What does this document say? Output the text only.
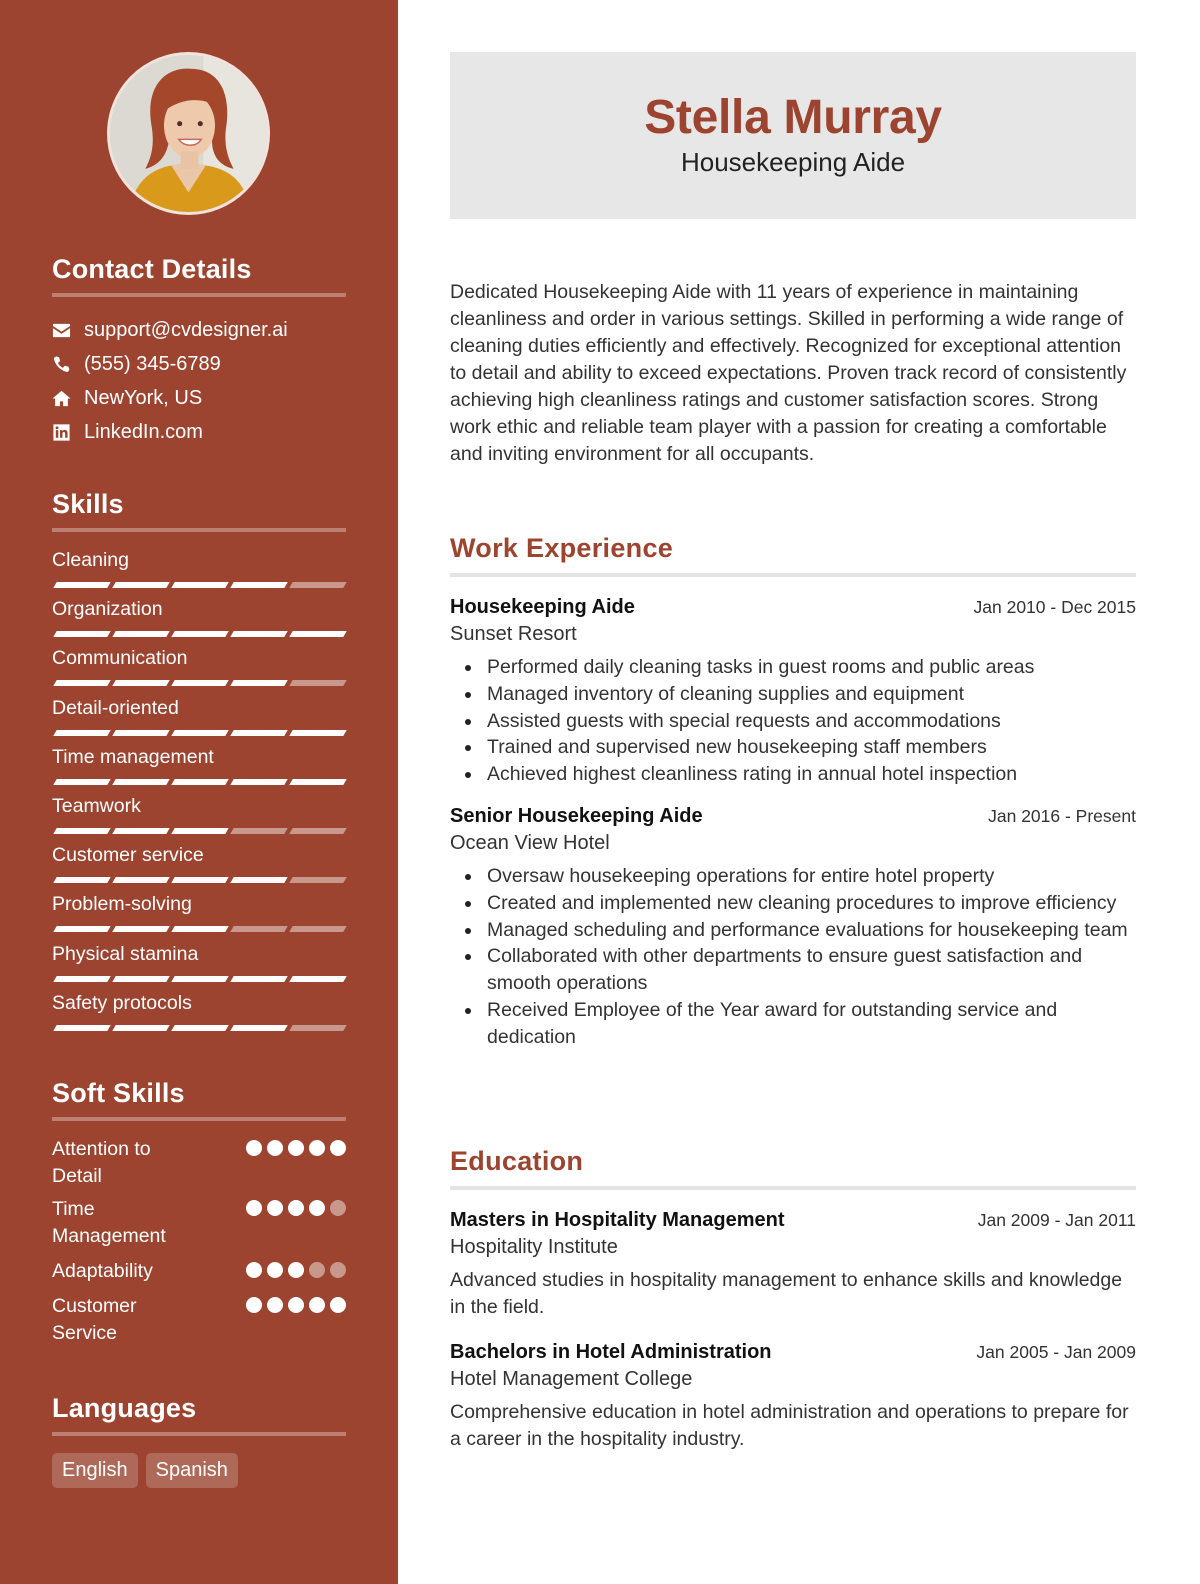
Contact Details
support@cvdesigner.ai
(555) 345-6789
NewYork, US
LinkedIn.com
Skills
Cleaning
Organization
Communication
Detail-oriented
Time management
Teamwork
Customer service
Problem-solving
Physical stamina
Safety protocols
Soft Skills
Attention to Detail
Time Management
Adaptability
Customer Service
Languages
English	Spanish
Stella Murray
Housekeeping Aide

Dedicated Housekeeping Aide with 11 years of experience in maintaining cleanliness and order in various settings. Skilled in performing a wide range of cleaning duties efficiently and effectively. Recognized for exceptional attention to detail and ability to exceed expectations. Proven track record of consistently achieving high cleanliness ratings and customer satisfaction scores. Strong work ethic and reliable team player with a passion for creating a comfortable and inviting environment for all occupants.

Work Experience
Housekeeping Aide	Jan 2010 - Dec 2015
Sunset Resort
Performed daily cleaning tasks in guest rooms and public areas
Managed inventory of cleaning supplies and equipment
Assisted guests with special requests and accommodations
Trained and supervised new housekeeping staff members
Achieved highest cleanliness rating in annual hotel inspection
Senior Housekeeping Aide	Jan 2016 - Present
Ocean View Hotel
Oversaw housekeeping operations for entire hotel property
Created and implemented new cleaning procedures to improve efficiency
Managed scheduling and performance evaluations for housekeeping team
Collaborated with other departments to ensure guest satisfaction and smooth operations
Received Employee of the Year award for outstanding service and dedication
Education
Masters in Hospitality Management	Jan 2009 - Jan 2011
Hospitality Institute

Advanced studies in hospitality management to enhance skills and knowledge in the field.

Bachelors in Hotel Administration	Jan 2005 - Jan 2009
Hotel Management College

Comprehensive education in hotel administration and operations to prepare for a career in the hospitality industry.
